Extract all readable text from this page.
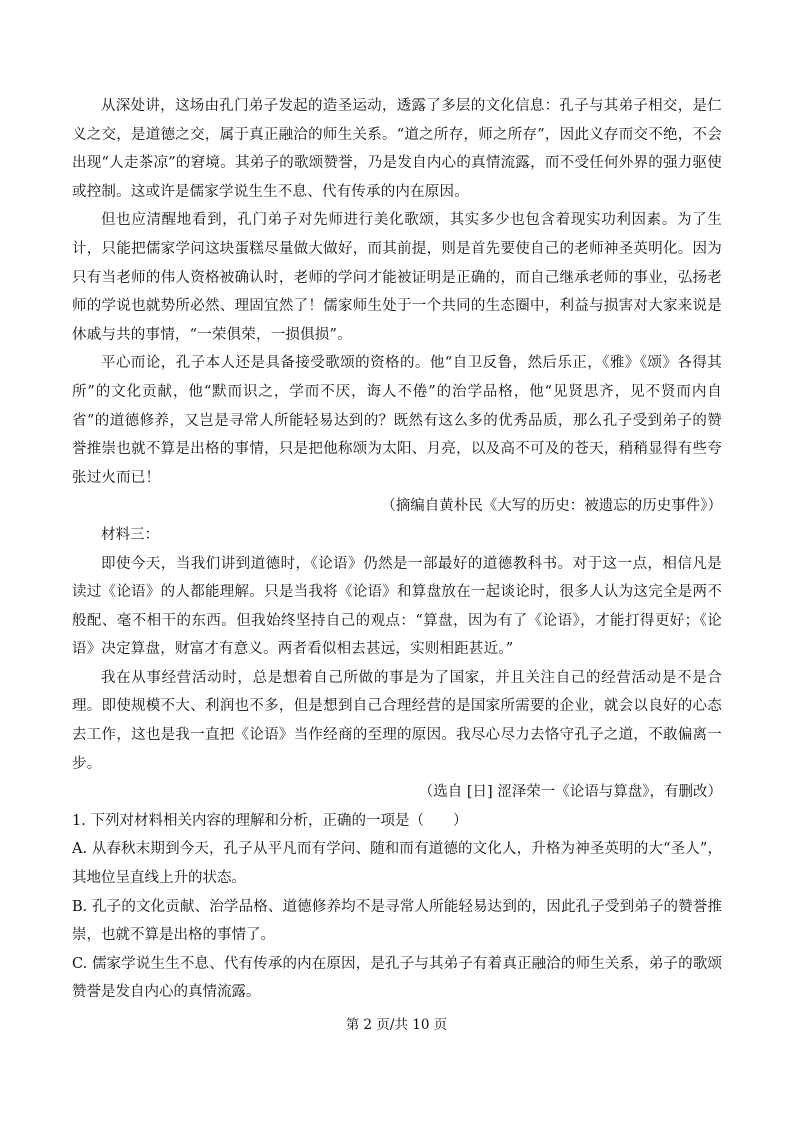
从深处讲，这场由孔门弟子发起的造圣运动，透露了多层的文化信息：孔子与其弟子相交，是仁义之交，是道德之交，属于真正融洽的师生关系。“道之所存，师之所存”，因此义存而交不绝，不会出现“人走茶凉”的窘境。其弟子的歌颂赞誉，乃是发自内心的真情流露，而不受任何外界的强力驱使或控制。这或许是儒家学说生生不息、代有传承的内在原因。

但也应清醒地看到，孔门弟子对先师进行美化歌颂，其实多少也包含着现实功利因素。为了生计，只能把儒家学问这块蛋糕尽量做大做好，而其前提，则是首先要使自己的老师神圣英明化。因为只有当老师的伟人资格被确认时，老师的学问才能被证明是正确的，而自己继承老师的事业，弘扬老师的学说也就势所必然、理固宜然了！儒家师生处于一个共同的生态圈中，利益与损害对大家来说是休戚与共的事情，“一荣俱荣，一损俱损”。

平心而论，孔子本人还是具备接受歌颂的资格的。他“自卫反鲁，然后乐正，《雅》《颂》各得其所”的文化贡献，他“默而识之，学而不厌，诲人不倦”的治学品格，他“见贤思齐，见不贤而内自省”的道德修养，又岂是寻常人所能轻易达到的？既然有这么多的优秀品质，那么孔子受到弟子的赞誉推崇也就不算是出格的事情，只是把他称颂为太阳、月亮，以及高不可及的苍天，稍稍显得有些夸张过火而已！

（摘编自黄朴民《大写的历史：被遗忘的历史事件》）

材料三：

即使今天，当我们讲到道德时，《论语》仍然是一部最好的道德教科书。对于这一点，相信凡是读过《论语》的人都能理解。只是当我将《论语》和算盘放在一起谈论时，很多人认为这完全是两不般配、毫不相干的东西。但我始终坚持自己的观点：“算盘，因为有了《论语》，才能打得更好；《论语》决定算盘，财富才有意义。两者看似相去甚远，实则相距甚近。”

我在从事经营活动时，总是想着自己所做的事是为了国家，并且关注自己的经营活动是不是合理。即使规模不大、利润也不多，但是想到自己合理经营的是国家所需要的企业，就会以良好的心态去工作，这也是我一直把《论语》当作经商的至理的原因。我尽心尽力去恪守孔子之道，不敢偏离一步。

（选自 [日] 涩泽荣一《论语与算盘》，有删改）

1. 下列对材料相关内容的理解和分析，正确的一项是（　　）

A. 从春秋末期到今天，孔子从平凡而有学问、随和而有道德的文化人，升格为神圣英明的大“圣人”，其地位呈直线上升的状态。

B. 孔子的文化贡献、治学品格、道德修养均不是寻常人所能轻易达到的，因此孔子受到弟子的赞誉推崇，也就不算是出格的事情了。

C. 儒家学说生生不息、代有传承的内在原因，是孔子与其弟子有着真正融洽的师生关系，弟子的歌颂赞誉是发自内心的真情流露。

第 2 页/共 10 页
